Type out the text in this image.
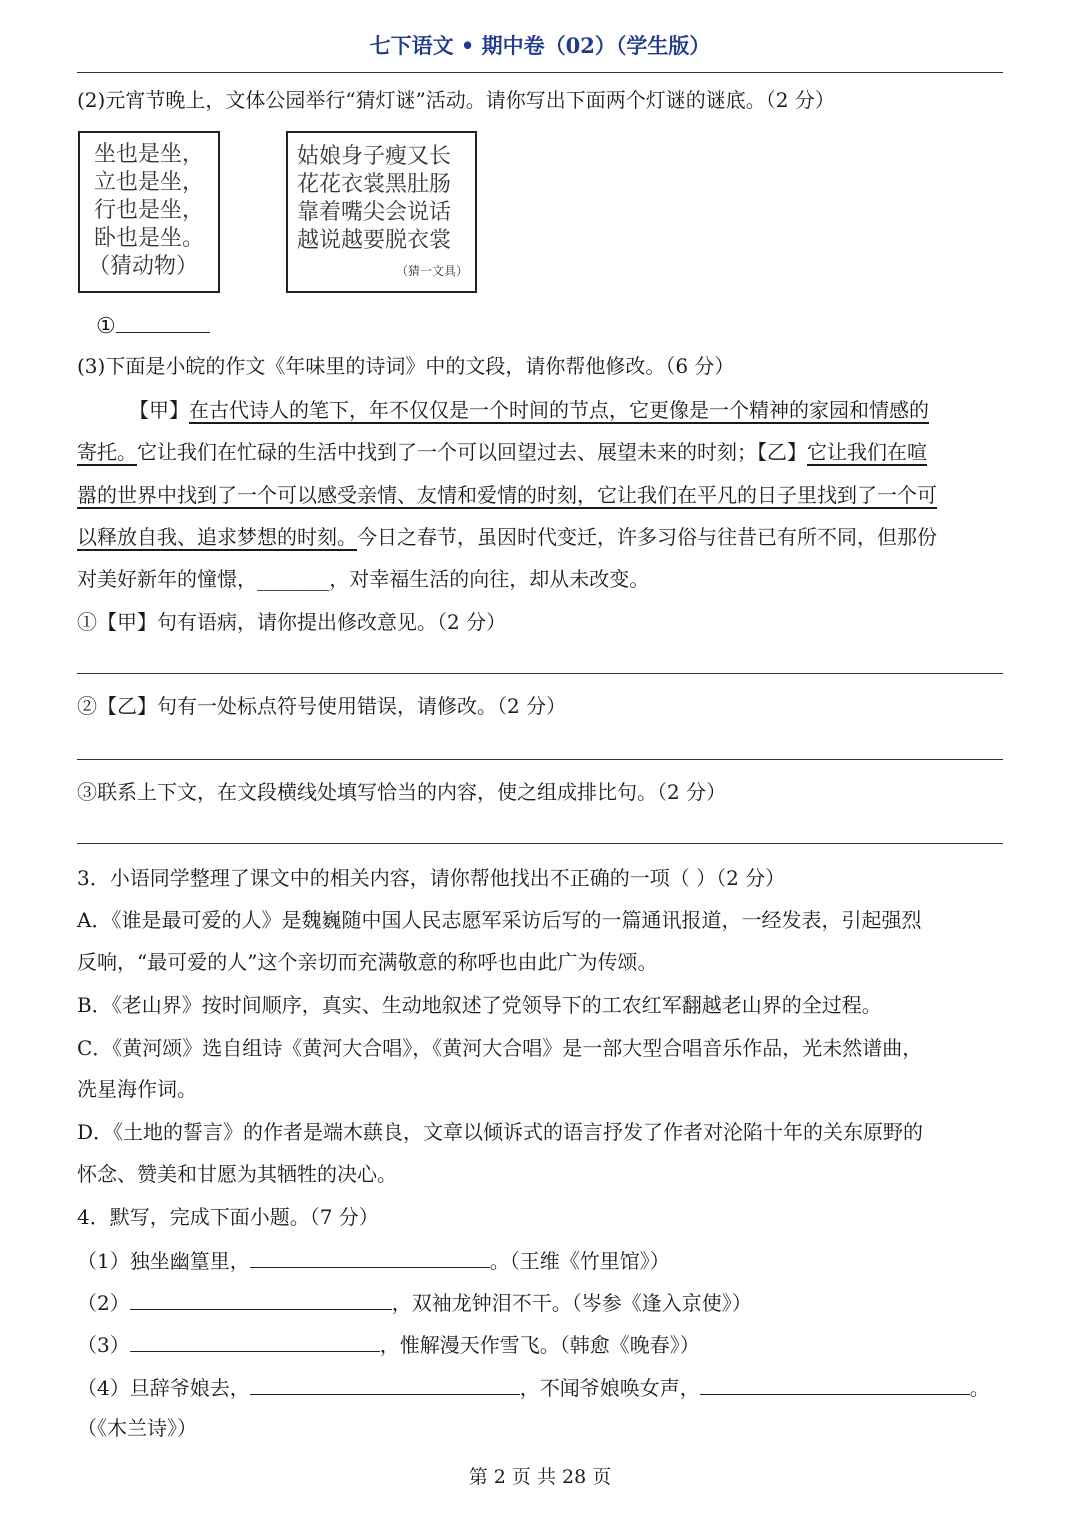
七下语文 • 期中卷（02）（学生版）
(2)元宵节晚上，文体公园举行“猜灯谜”活动。请你写出下面两个灯谜的谜底。（2 分）
坐也是坐，
立也是坐，
行也是坐，
卧也是坐。
（猜动物）
姑娘身子瘦又长
花花衣裳黑肚肠
靠着嘴尖会说话
越说越要脱衣裳
（猜一文具）
①
(3)下面是小皖的作文《年味里的诗词》中的文段，请你帮他修改。（6 分）
【甲】在古代诗人的笔下，年不仅仅是一个时间的节点，它更像是一个精神的家园和情感的
寄托。它让我们在忙碌的生活中找到了一个可以回望过去、展望未来的时刻；【乙】它让我们在喧
嚣的世界中找到了一个可以感受亲情、友情和爱情的时刻，它让我们在平凡的日子里找到了一个可
以释放自我、追求梦想的时刻。今日之春节，虽因时代变迁，许多习俗与往昔已有所不同，但那份
对美好新年的憧憬，______，对幸福生活的向往，却从未改变。
①【甲】句有语病，请你提出修改意见。（2 分）
②【乙】句有一处标点符号使用错误，请修改。（2 分）
③联系上下文，在文段横线处填写恰当的内容，使之组成排比句。（2 分）
3．小语同学整理了课文中的相关内容，请你帮他找出不正确的一项（ ）（2 分）
A．《谁是最可爱的人》是魏巍随中国人民志愿军采访后写的一篇通讯报道，一经发表，引起强烈
反响，“最可爱的人”这个亲切而充满敬意的称呼也由此广为传颂。
B．《老山界》按时间顺序，真实、生动地叙述了党领导下的工农红军翻越老山界的全过程。
C．《黄河颂》选自组诗《黄河大合唱》，《黄河大合唱》是一部大型合唱音乐作品，光未然谱曲，
冼星海作词。
D．《土地的誓言》的作者是端木蕻良，文章以倾诉式的语言抒发了作者对沦陷十年的关东原野的
怀念、赞美和甘愿为其牺牲的决心。
4．默写，完成下面小题。（7 分）
（1）独坐幽篁里，	。（王维《竹里馆》）
（2）	，双袖龙钟泪不干。（岑参《逢入京使》）
（3）	，惟解漫天作雪飞。（韩愈《晚春》）
（4）旦辞爷娘去，	，不闻爷娘唤女声，	。
（《木兰诗》）
第 2 页 共 28 页
